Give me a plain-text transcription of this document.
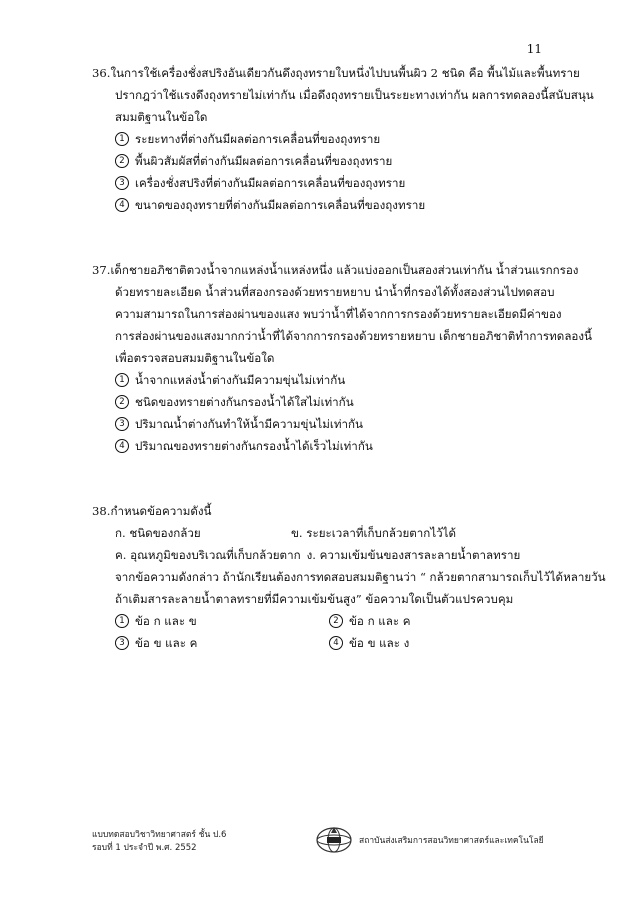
11
36.ในการใช้เครื่องชั่งสปริงอันเดียวกันดึงถุงทรายใบหนึ่งไปบนพื้นผิว 2 ชนิด คือ พื้นไม้และพื้นทราย
ปรากฎว่าใช้แรงดึงถุงทรายไม่เท่ากัน เมื่อดึงถุงทรายเป็นระยะทางเท่ากัน ผลการทดลองนี้สนับสนุน
สมมติฐานในข้อใด
1 ระยะทางที่ต่างกันมีผลต่อการเคลื่อนที่ของถุงทราย
2 พื้นผิวสัมผัสที่ต่างกันมีผลต่อการเคลื่อนที่ของถุงทราย
3 เครื่องชั่งสปริงที่ต่างกันมีผลต่อการเคลื่อนที่ของถุงทราย
4 ขนาดของถุงทรายที่ต่างกันมีผลต่อการเคลื่อนที่ของถุงทราย
37.เด็กชายอภิชาติตวงน้ำจากแหล่งน้ำแหล่งหนึ่ง แล้วแบ่งออกเป็นสองส่วนเท่ากัน น้ำส่วนแรกกรอง
ด้วยทรายละเอียด น้ำส่วนที่สองกรองด้วยทรายหยาบ นำน้ำที่กรองได้ทั้งสองส่วนไปทดสอบ
ความสามารถในการส่องผ่านของแสง พบว่าน้ำที่ได้จากการกรองด้วยทรายละเอียดมีค่าของ
การส่องผ่านของแสงมากกว่าน้ำที่ได้จากการกรองด้วยทรายหยาบ เด็กชายอภิชาติทำการทดลองนี้
เพื่อตรวจสอบสมมติฐานในข้อใด
1 น้ำจากแหล่งน้ำต่างกันมีความขุ่นไม่เท่ากัน
2 ชนิดของทรายต่างกันกรองน้ำได้ใสไม่เท่ากัน
3 ปริมาณน้ำต่างกันทำให้น้ำมีความขุ่นไม่เท่ากัน
4 ปริมาณของทรายต่างกันกรองน้ำได้เร็วไม่เท่ากัน
38.กำหนดข้อความดังนี้
ก. ชนิดของกล้วย	ข. ระยะเวลาที่เก็บกล้วยตากไว้ได้
ค. อุณหภูมิของบริเวณที่เก็บกล้วยตาก ง. ความเข้มข้นของสารละลายน้ำตาลทราย
จากข้อความดังกล่าว ถ้านักเรียนต้องการทดสอบสมมติฐานว่า “ กล้วยตากสามารถเก็บไว้ได้หลายวัน
ถ้าเติมสารละลายน้ำตาลทรายที่มีความเข้มข้นสูง” ข้อความใดเป็นตัวแปรควบคุม
1 ข้อ ก และ ข	2 ข้อ ก และ ค
3 ข้อ ข และ ค	4 ข้อ ข และ ง
แบบทดสอบวิชาวิทยาศาสตร์ ชั้น ป.6
รอบที่ 1 ประจำปี พ.ศ. 2552
สถาบันส่งเสริมการสอนวิทยาศาสตร์และเทคโนโลยี
